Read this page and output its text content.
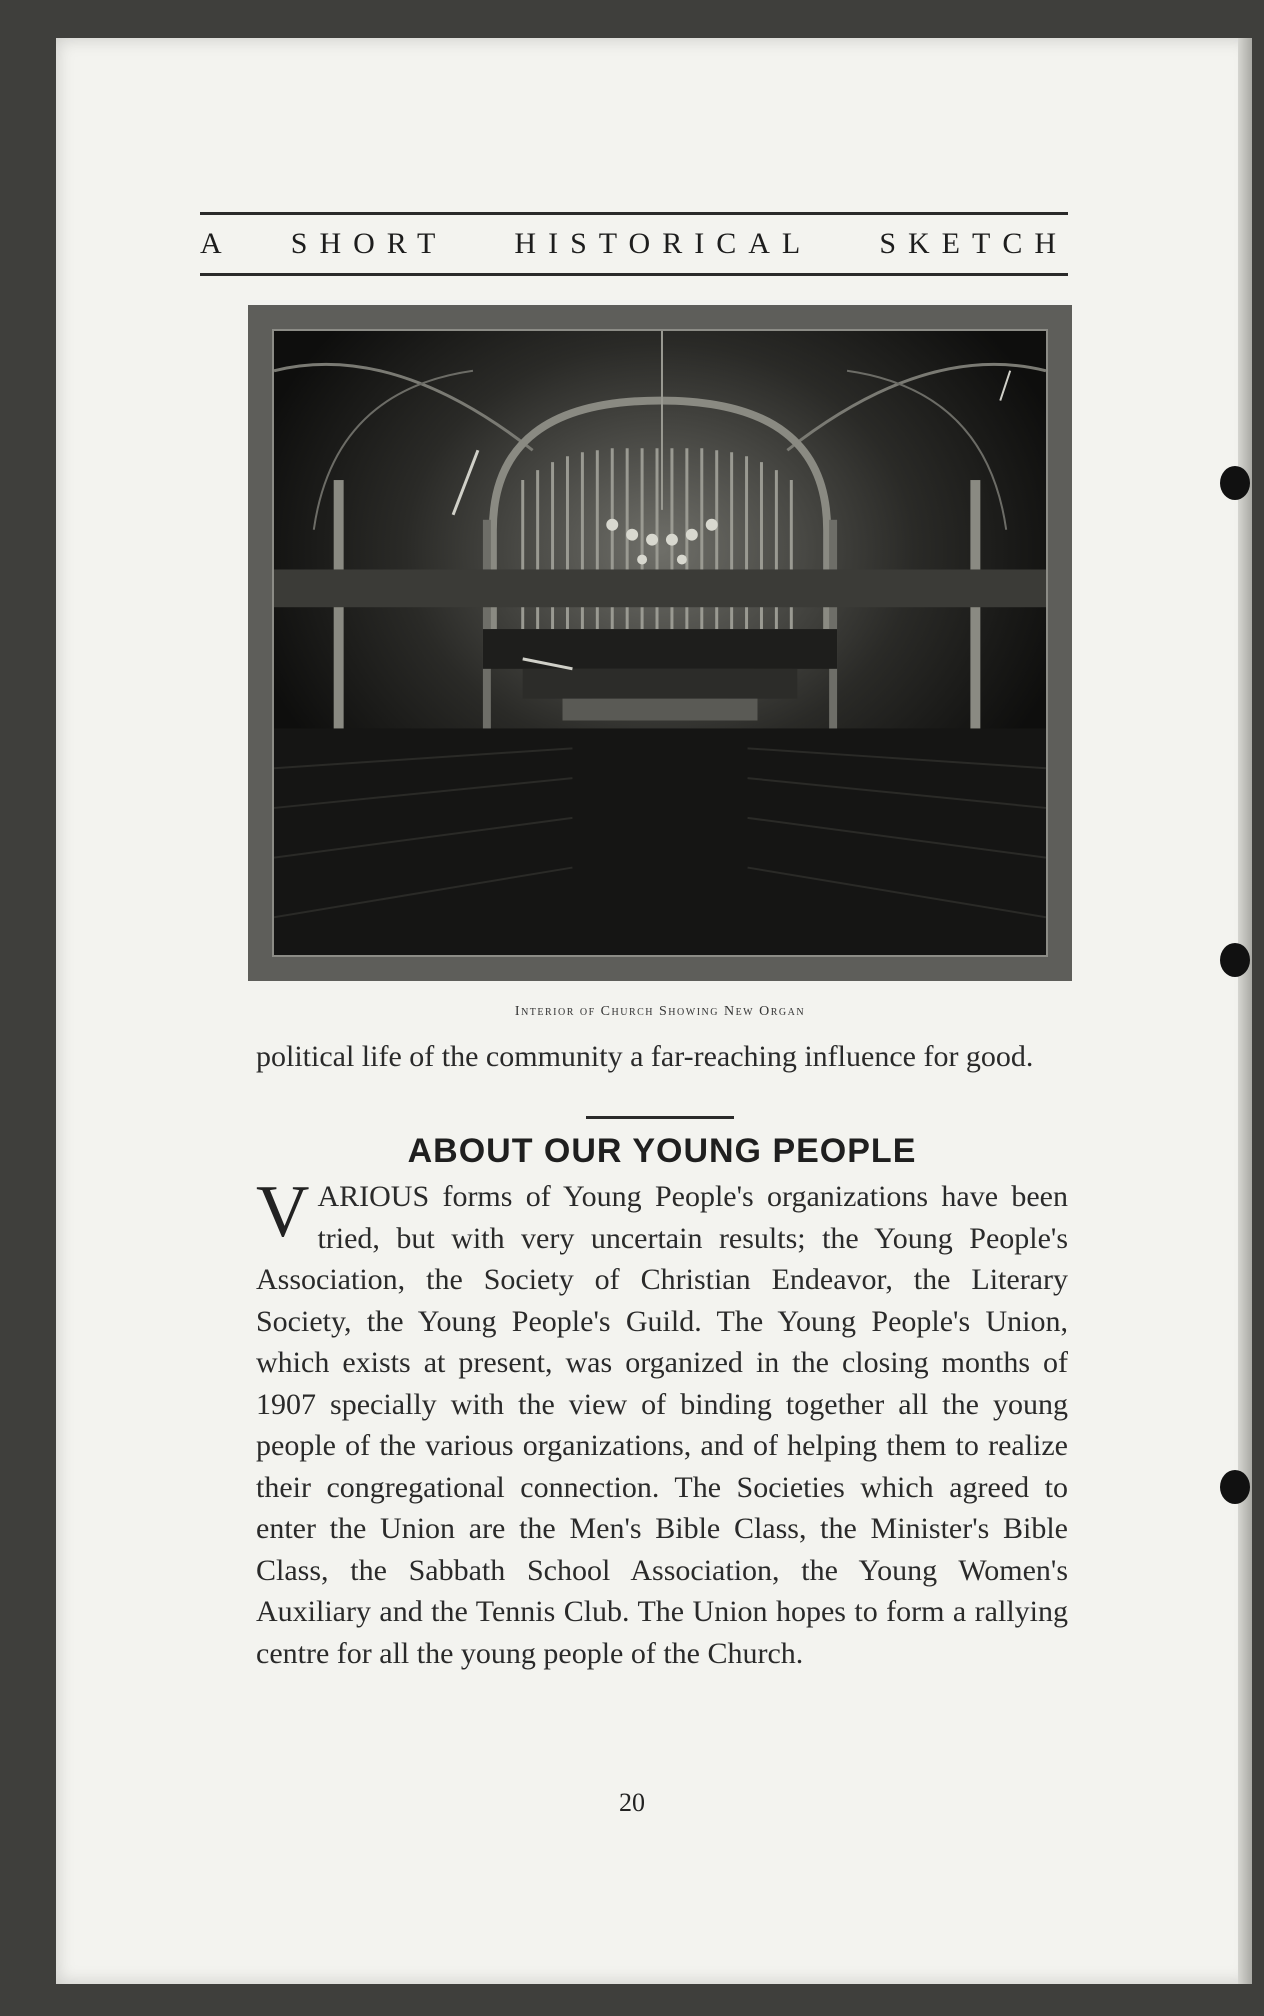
A SHORT HISTORICAL SKETCH
Interior of Church Showing New Organ

political life of the community a far-reaching influence for good.

ABOUT OUR YOUNG PEOPLE

VARIOUS forms of Young People's organizations have been tried, but with very uncertain results; the Young People's Association, the Society of Christian Endeavor, the Literary Society, the Young People's Guild. The Young People's Union, which exists at present, was organized in the closing months of 1907 specially with the view of binding together all the young people of the various organizations, and of helping them to realize their congregational connection. The Societies which agreed to enter the Union are the Men's Bible Class, the Minister's Bible Class, the Sabbath School Association, the Young Women's Auxiliary and the Tennis Club. The Union hopes to form a rallying centre for all the young people of the Church.

20
